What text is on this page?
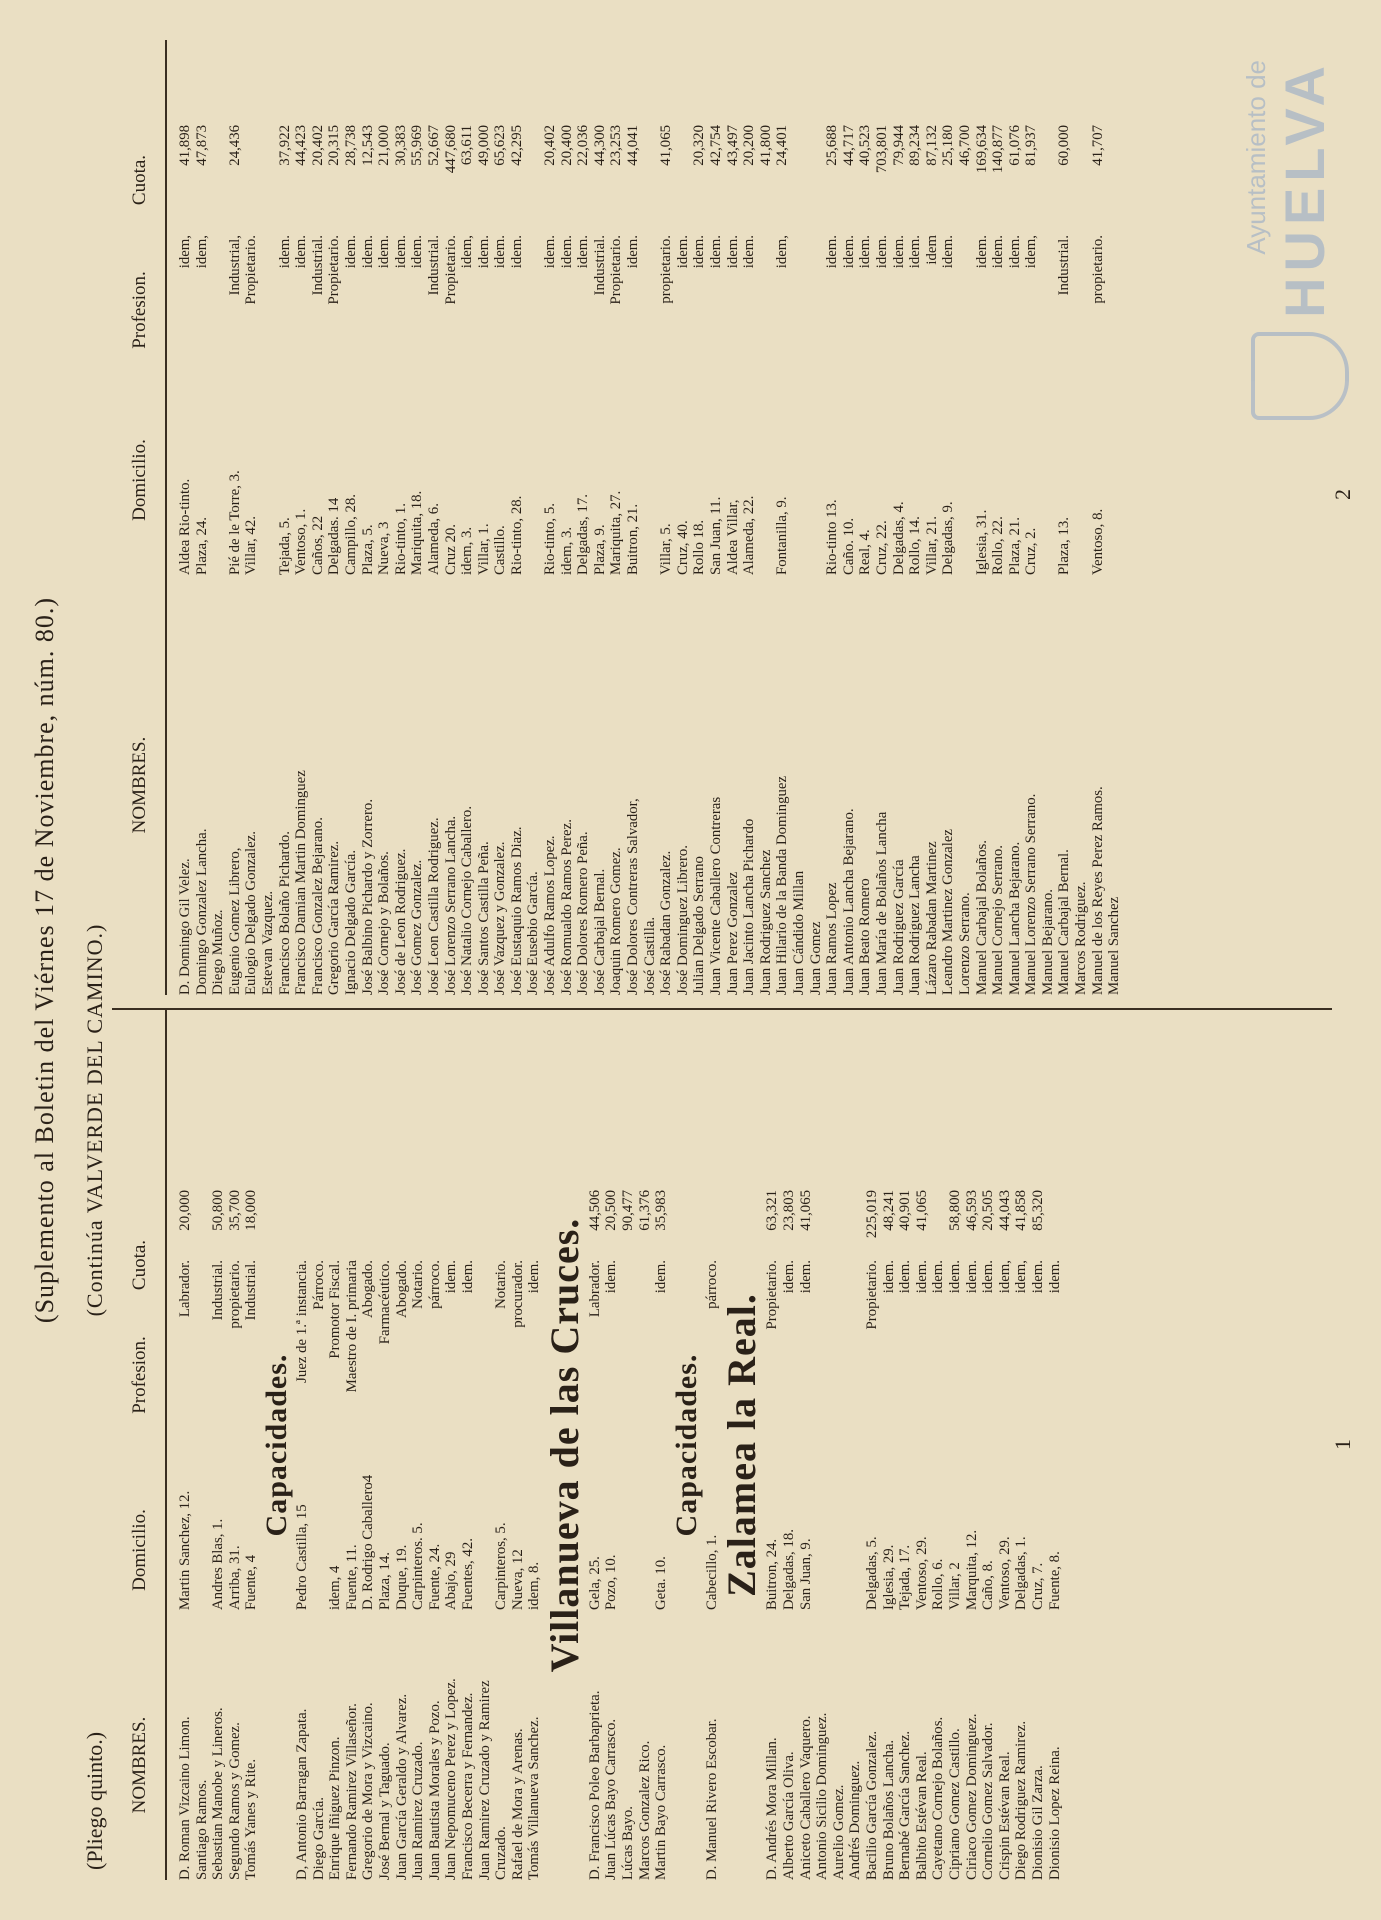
(Suplemento al Boletin del Viérnes 17 de Noviembre, núm. 80.)
(Pliego quinto.)
(Continúa VALVERDE DEL CAMINO.)
NOMBRES.
Domicilio.
Profesion.
Cuota.
D. Roman Vizcaino Limon.
Martin Sanchez, 12.
Labrador.
20,000
Santiago Ramos. Sebastian Manobe y Lineros.
Andres Blas, 1.
Industrial.
50,800
Segundo Ramos y Gomez.
Arriba, 31.
propietario.
35,700
Tomás Yanes y Rite.
Fuente, 4
Industrial.
18,000
Capacidades.
D, Antonio Barragan Zapata.
Pedro Castilla, 15
Juez de 1.ª instancia.
Diego García.
Párroco.
Enrique Iñiguez Pinzon.
idem, 4
Promotor Fiscal.
Fernando Ramirez Villaseñor.
Fuente, 11.
Maestro de I. primaria
Gregorio de Mora y Vizcaino.
D. Rodrigo Caballero4
Abogado.
José Bernal y Taguado.
Plaza, 14.
Farmacéutico.
Juan García Geraldo y Alvarez.
Duque, 19.
Abogado.
Juan Ramirez Cruzado.
Carpinteros. 5.
Notario.
Juan Bautista Morales y Pozo.
Fuente, 24.
párroco.
Juan Nepomuceno Perez y Lopez.
Abajo, 29
idem.
Francisco Becerra y Fernandez.
Fuentes, 42.
idem.
Juan Ramirez Cruzado y Ramirez Cruzado.
Carpinteros, 5.
Notario.
Rafael de Mora y Arenas.
Nueva, 12
procurador.
Tomás Villanueva Sanchez.
idem, 8.
idem. Villanueva de las Cruces.
D. Francisco Poleo Barbaprieta.
Gela, 25.
Labrador.
44,506
Juan Lúcas Bayo Carrasco.
Pozo, 10.
idem.
20,500
Lúcas Bayo.
90,477
Marcos Gonzalez Rico.
61,376
Martin Bayo Carrasco.
Geta. 10.
idem.
35,983
Capacidades.
D. Manuel Rivero Escobar.
Cabecillo, 1.
párroco.
Zalamea la Real.
D. Andrés Mora Millan.
Buitron, 24.
Propietario.
63,321
Alberto García Oliva.
Delgadas, 18.
idem.
23,803
Aniceto Caballero Vaquero.
San Juan, 9.
idem.
41,065
Antonio Sicilio Dominguez. Aurelio Gomez. Andrés Dominguez. Bacilio García Gonzalez.
Delgadas, 5.
Propietario.
225,019
Bruno Bolaños Lancha.
Iglesia, 29.
idem.
48,241
Bernabé García Sanchez.
Tejada, 17.
idem.
40,901
Balbito Estévan Real.
Ventoso, 29.
idem.
41,065
Cayetano Cornejo Bolaños.
Rollo, 6.
idem.
Cipriano Gomez Castillo.
Villar, 2
idem.
58,800
Ciriaco Gomez Dominguez.
Marquita, 12.
idem.
46,593
Cornelio Gomez Salvador.
Caño, 8.
idem.
20,505
Crispin Estévan Real.
Ventoso, 29.
idem,
44,043
Diego Rodriguez Ramirez.
Delgadas, 1.
idem,
41,858
Dionisio Gil Zarza.
Cruz, 7.
idem.
85,320
Dionisio Lopez Reina.
Fuente, 8.
idem.
NOMBRES.
Domicilio.
Profesion.
Cuota.
D. Domingo Gil Velez.
Aldea Rio-tinto.
idem,
41,898
Domingo Gonzalez Lancha.
Plaza, 24.
idem,
47,873
Diego Muñoz. Eugenio Gomez Librero,
Pié de le Torre, 3.
Industrial,
24,436
Eulogio Delgado Gonzalez.
Villar, 42.
Propietario.
Estevan Vazquez. Francisco Bolaño Pichardo.
Tejada, 5.
idem.
37,922
Francisco Damian Martin Dominguez
Ventoso, 1.
idem.
44,423
Francisco Gonzalez Bejarano.
Caños, 22
Industrial.
20,402
Gregorio García Ramirez.
Delgadas. 14
Propietario.
20,315
Ignacio Delgado García.
Campillo, 28.
idem.
28,738
José Balbino Pichardo y Zorrero.
Plaza, 5.
idem.
12,543
José Cornejo y Bolaños.
Nueva, 3
idem.
21,000
José de Leon Rodriguez.
Rio-tinto, 1.
idem.
30,383
José Gomez Gonzalez.
Mariquita, 18.
idem.
55,969
José Leon Castilla Rodriguez.
Alameda, 6.
Industrial.
52,667
José Lorenzo Serrano Lancha.
Cruz 20.
Propietario.
447,680
José Natalio Cornejo Caballero.
idem, 3.
idem,
63,611
José Santos Castilla Peña.
Villar, 1.
idem.
49,000
José Vazquez y Gonzalez.
Castillo.
idem.
65,623
José Eustaquio Ramos Diaz.
Rio-tinto, 28.
idem.
42,295
José Eusebio García. José Adulfo Ramos Lopez.
Rio-tinto, 5.
idem.
20,402
José Romualdo Ramos Perez.
idem, 3.
idem.
20,400
José Dolores Romero Peña.
Delgadas, 17.
idem.
22,036
José Carbajal Bernal.
Plaza, 9.
Industrial.
44,300
Joaquin Romero Gomez.
Mariquita, 27.
Propietario.
23,253
José Dolores Contreras Salvador,
Buitron, 21.
idem.
44,041
José Castilla. José Rabadan Gonzalez.
Villar, 5.
propietario.
41,065
José Dominguez Librero.
Cruz, 40.
idem.
Julian Delgado Serrano
Rollo 18.
idem.
20,320
Juan Vicente Caballero Contreras
San Juan, 11.
idem.
42,754
Juan Perez Gonzalez
Aldea Villar,
idem.
43,497
Juan Jacinto Lancha Pichardo
Alameda, 22.
idem.
20,200
Juan Rodriguez Sanchez
41,800
Juan Hilario de la Banda Dominguez
Fontanilla, 9.
idem,
24,401
Juan Cándido Millan Juan Gomez Juan Ramos Lopez
Rio-tinto 13.
idem.
25,688
Juan Antonio Lancha Bejarano.
Caño. 10.
idem.
44,717
Juan Beato Romero
Real, 4.
idem.
40,523
Juan María de Bolaños Lancha
Cruz, 22.
idem.
703,801
Juan Rodriguez García
Delgadas, 4.
idem.
79,944
Juan Rodriguez Lancha
Rollo, 14.
idem.
89,234
Lázaro Rabadan Martinez
Villar, 21.
idem
87,132
Leandro Martinez Gonzalez
Delgadas, 9.
idem.
25,180
Lorenzo Serrano.
46,700
Manuel Carbajal Bolaños.
Iglesia, 31.
idem.
169,634
Manuel Cornejo Serrano.
Rollo, 22.
idem.
140,877
Manuel Lancha Bejarano.
Plaza, 21.
idem.
61,076
Manuel Lorenzo Serrano Serrano.
Cruz, 2.
idem,
81,937
Manuel Bejarano. Manuel Carbajal Bernal.
Plaza, 13.
Industrial.
60,000
Marcos Rodriguez. Manuel de los Reyes Perez Ramos.
Ventoso, 8.
propietario.
41,707
Manuel Sanchez
1
2
Ayuntamiento de HUELVA
